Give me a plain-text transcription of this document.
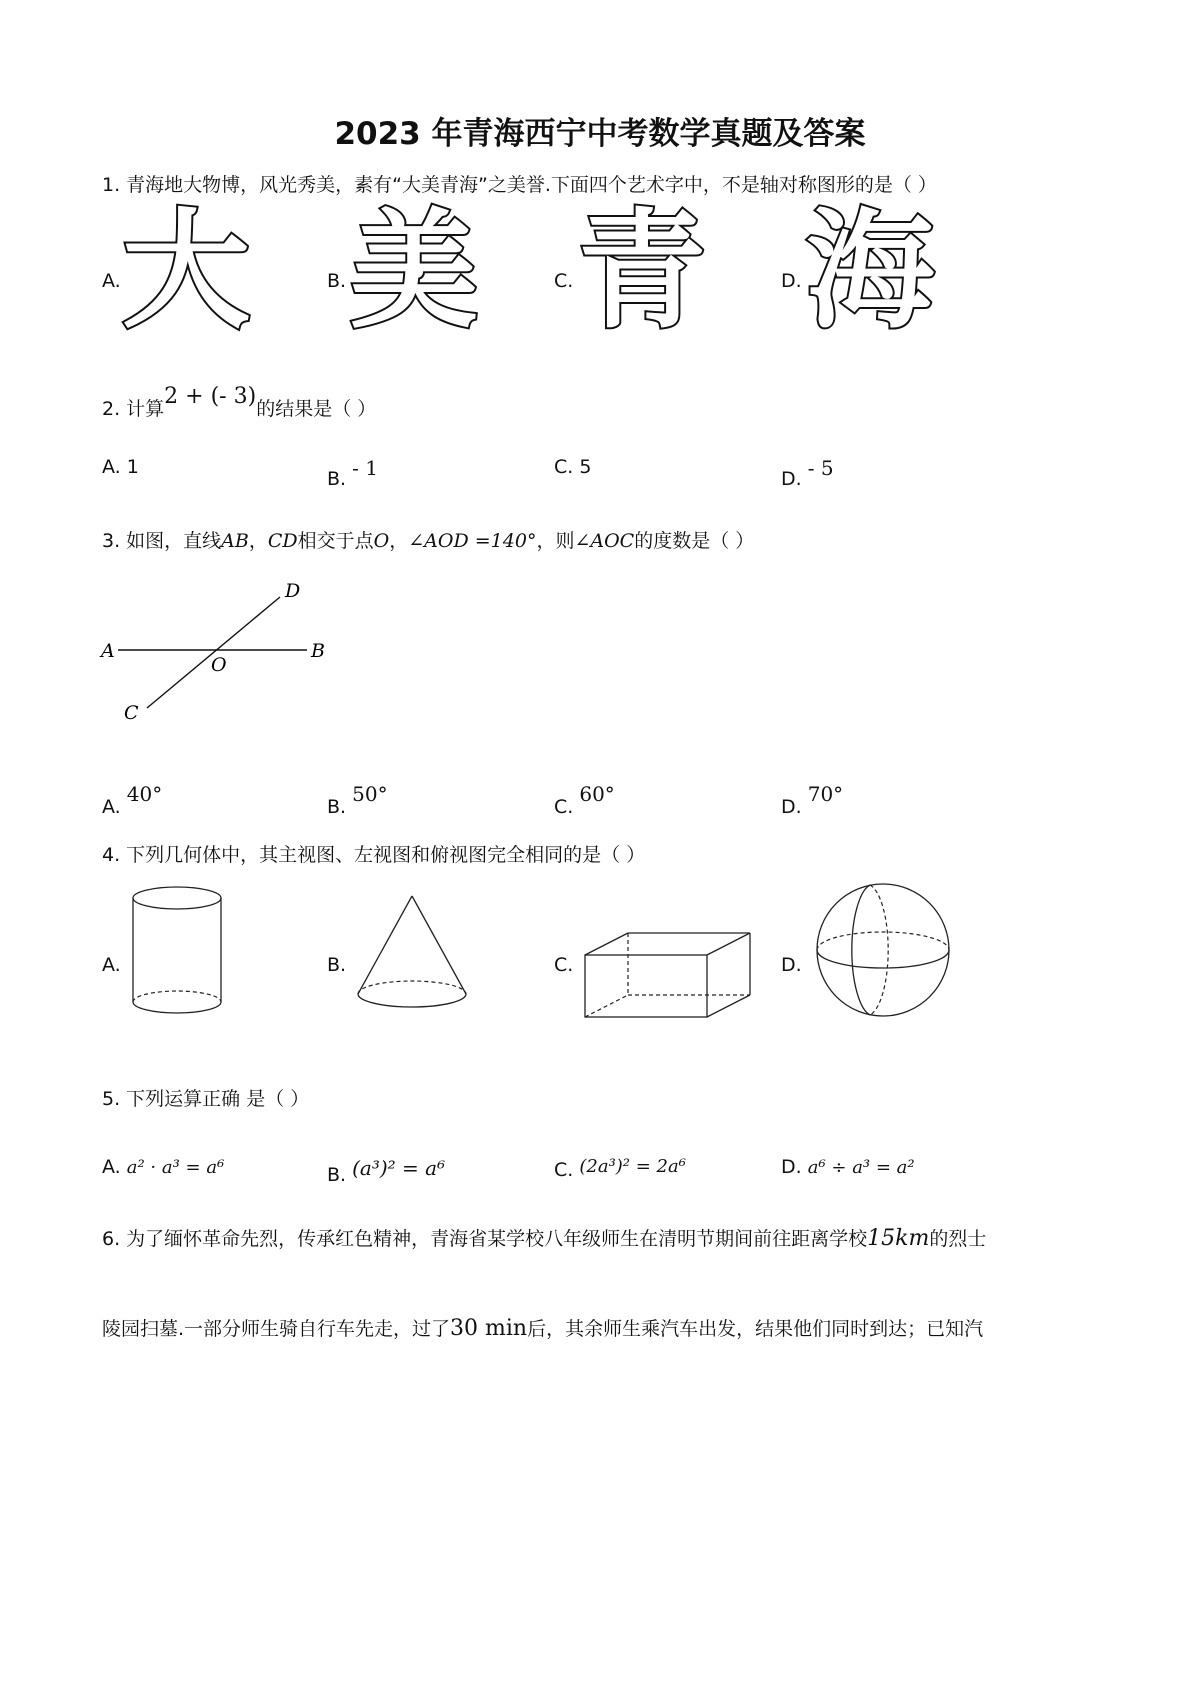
2023 年青海西宁中考数学真题及答案
1. 青海地大物博，风光秀美，素有“大美青海”之美誉.下面四个艺术字中，不是轴对称图形的是（ ）
A. 大	B. 美	C. 青	D. 海
2. 计算2 + (- 3)的结果是（ ）
A. 1
B. - 1	C. 5
D. - 5
3. 如图，直线AB，CD相交于点O，∠AOD =140°，则∠AOC的度数是（ ）
A	B
C
D
O
A. 40°
B. 50°
C. 60°
D. 70°
4. 下列几何体中，其主视图、左视图和俯视图完全相同的是（ ）
A.	B.	C.	D.
5. 下列运算正确 是（ ）
A. a² · a³ = a⁶	B. (a³)² = a⁶	C. (2a³)² = 2a⁶	D. a⁶ ÷ a³ = a²
6. 为了缅怀革命先烈，传承红色精神，青海省某学校八年级师生在清明节期间前往距离学校15km的烈士
陵园扫墓.一部分师生骑自行车先走，过了30 min后，其余师生乘汽车出发，结果他们同时到达；已知汽
